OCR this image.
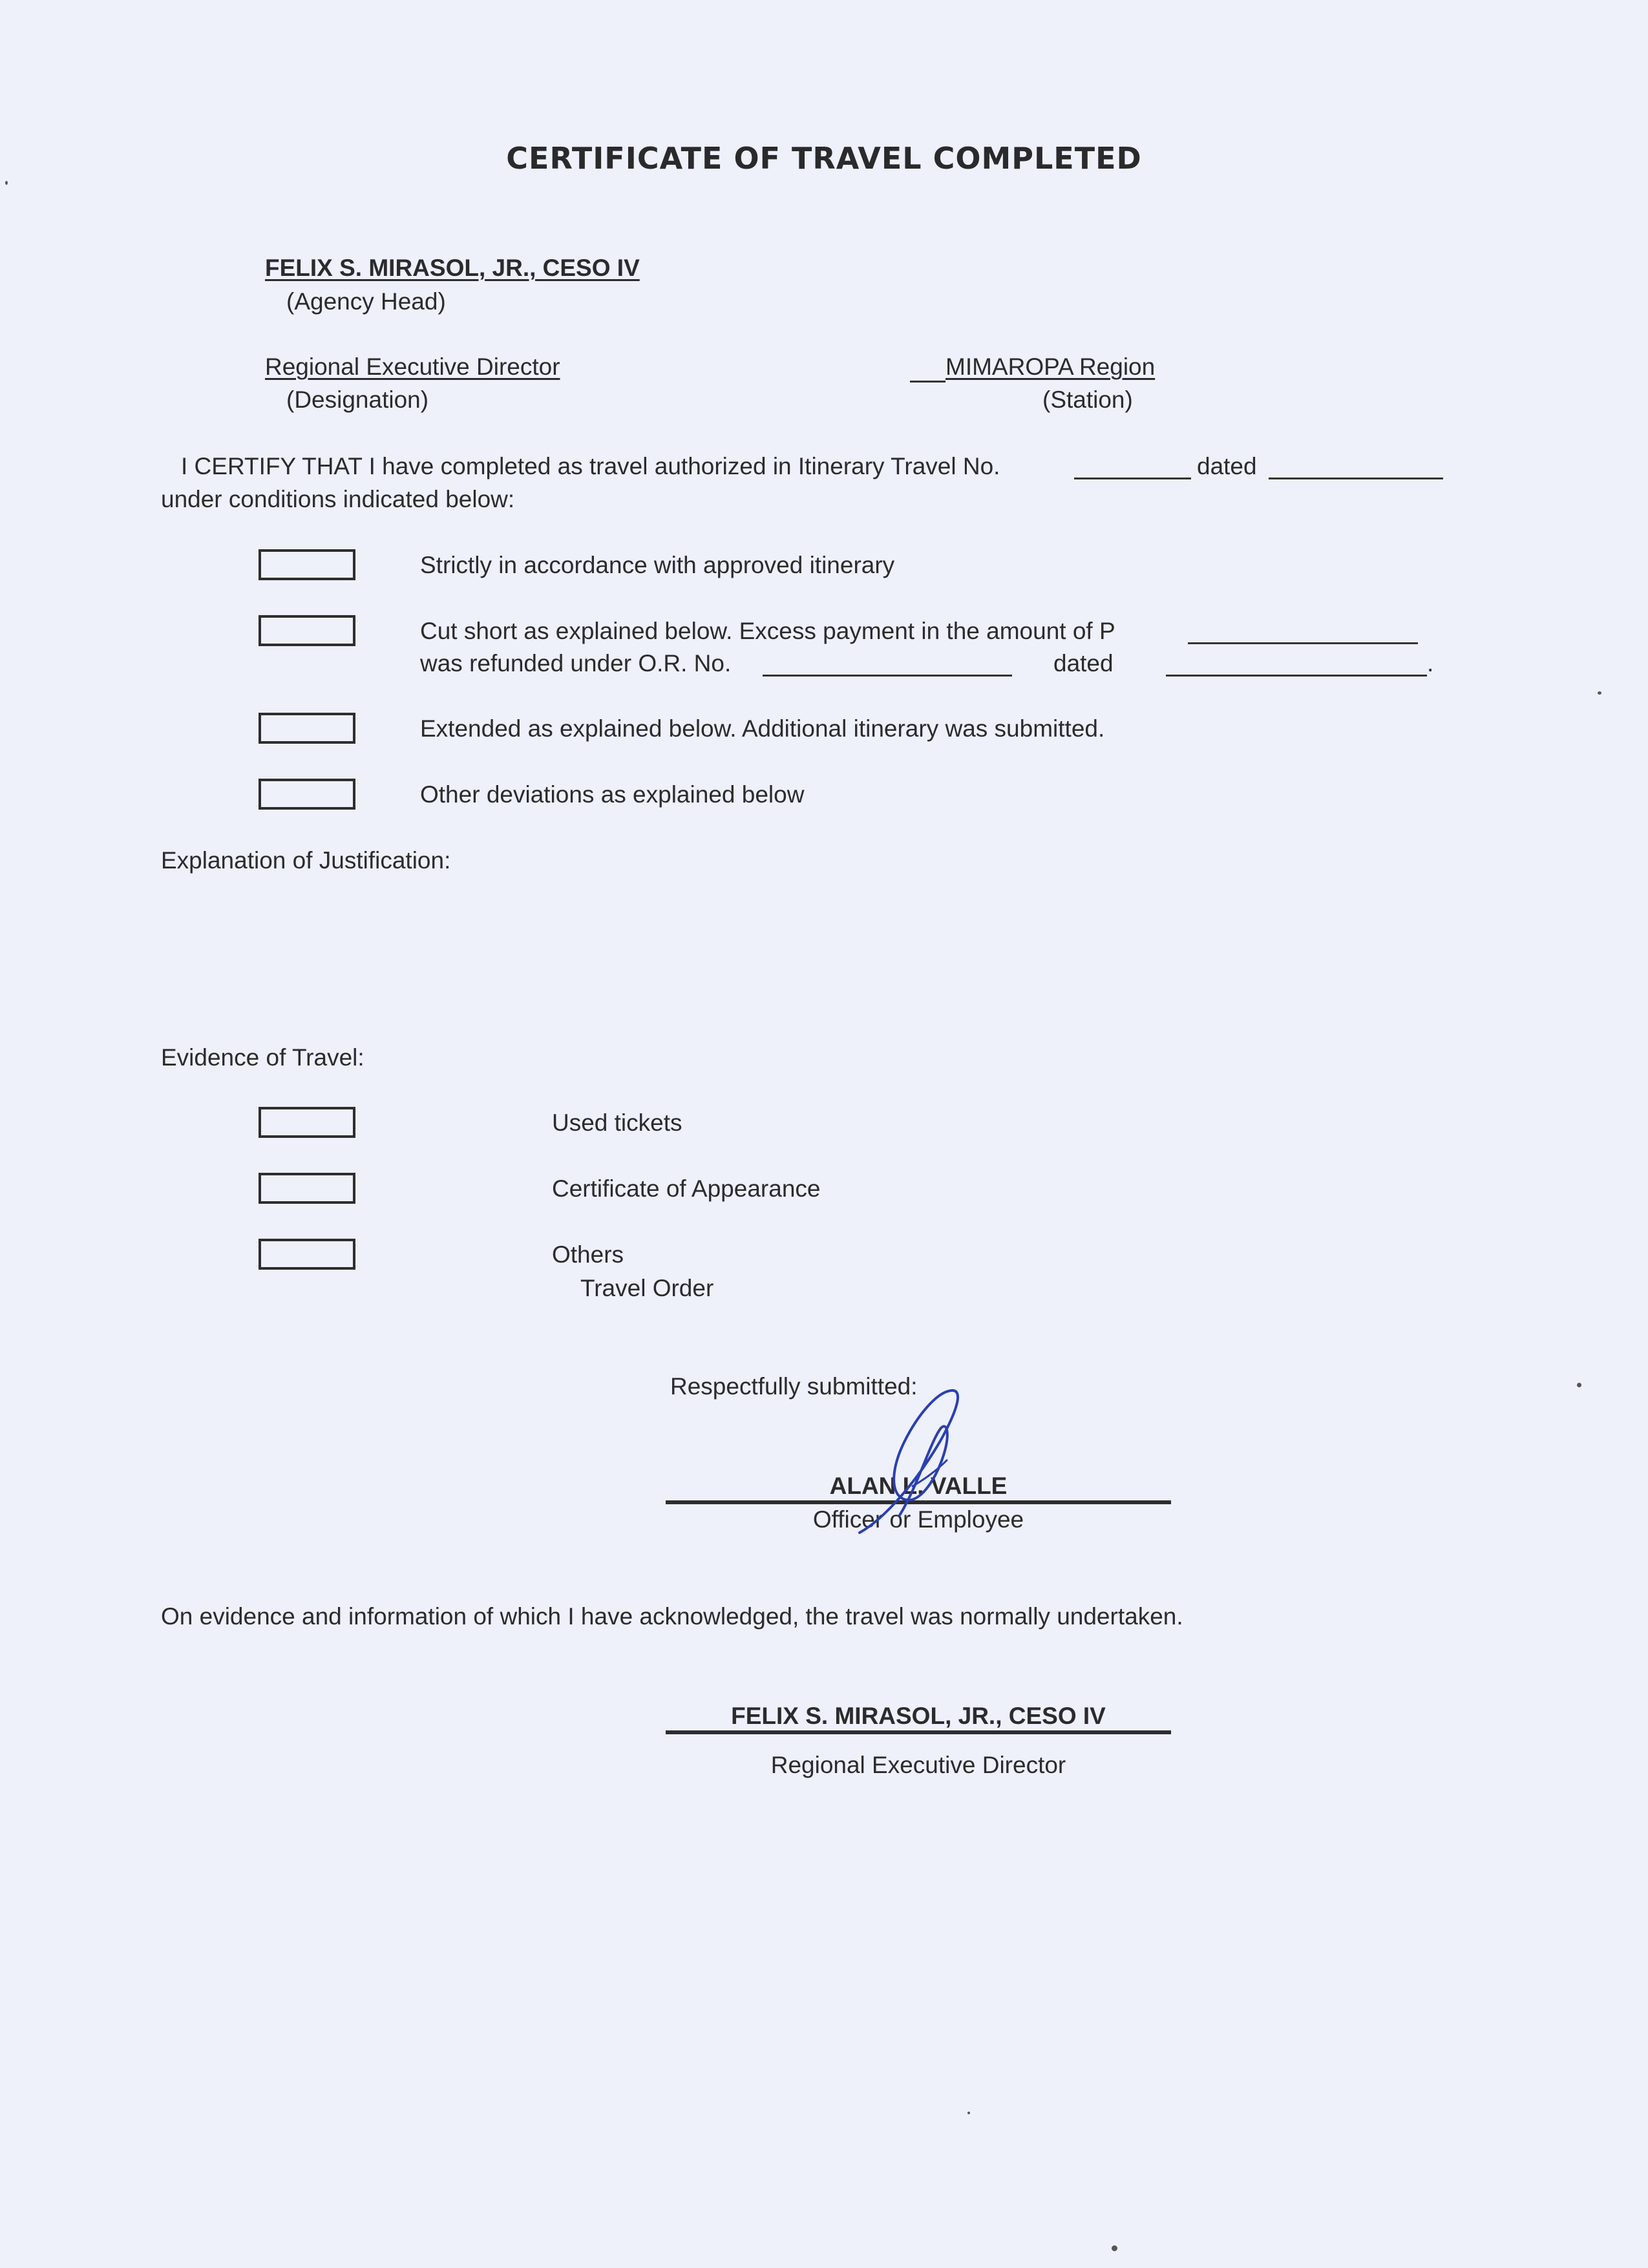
CERTIFICATE OF TRAVEL COMPLETED
FELIX S. MIRASOL, JR., CESO IV
(Agency Head)
Regional Executive Director
(Designation)
MIMAROPA Region
(Station)
I CERTIFY THAT I have completed as travel authorized in Itinerary Travel No.	dated
under conditions indicated below:
Strictly in accordance with approved itinerary
Cut short as explained below. Excess payment in the amount of P
was refunded under O.R. No.	dated	.
Extended as explained below. Additional itinerary was submitted.
Other deviations as explained below
Explanation of Justification:
Evidence of Travel:
Used tickets
Certificate of Appearance
Others
Travel Order
Respectfully submitted:
ALAN L. VALLE
Officer or Employee
On evidence and information of which I have acknowledged, the travel was normally undertaken.
FELIX S. MIRASOL, JR., CESO IV
Regional Executive Director
